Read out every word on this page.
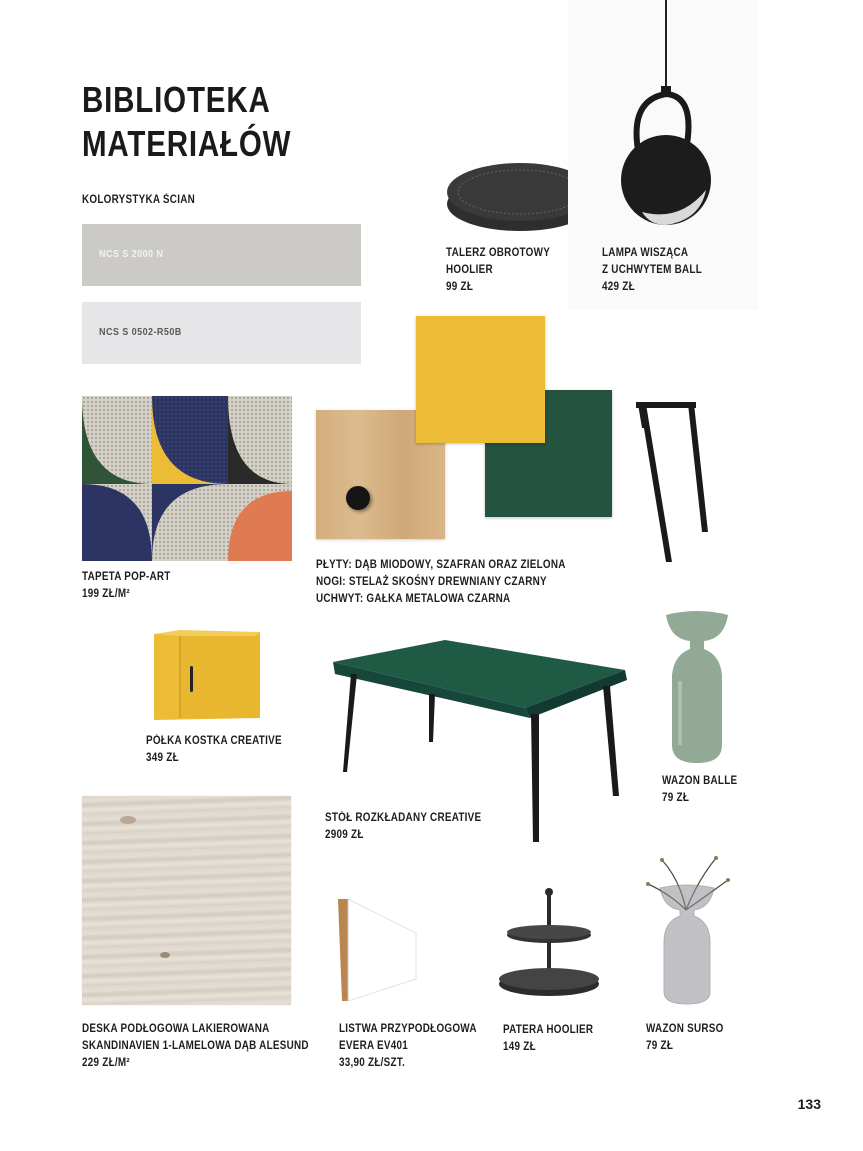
BIBLIOTEKA
MATERIAŁÓW
KOLORYSTYKA ŚCIAN
NCS S 2000 N
NCS S 0502-R50B
TALERZ OBROTOWY
HOOLIER
99 ZŁ
LAMPA WISZĄCA
Z UCHWYTEM BALL
429 ZŁ
TAPETA POP-ART
199 ZŁ/M²
PŁYTY: DĄB MIODOWY, SZAFRAN ORAZ ZIELONA
NOGI: STELAŻ SKOŚNY DREWNIANY CZARNY
UCHWYT: GAŁKA METALOWA CZARNA
PÓŁKA KOSTKA CREATIVE
349 ZŁ
STÓŁ ROZKŁADANY CREATIVE
2909 ZŁ
WAZON BALLE
79 ZŁ
DESKA PODŁOGOWA LAKIEROWANA
SKANDINAVIEN 1-LAMELOWA DĄB ALESUND
229 ZŁ/M²
LISTWA PRZYPODŁOGOWA
EVERA EV401
33,90 ZŁ/SZT.
PATERA HOOLIER
149 ZŁ
WAZON SURSO
79 ZŁ
133
